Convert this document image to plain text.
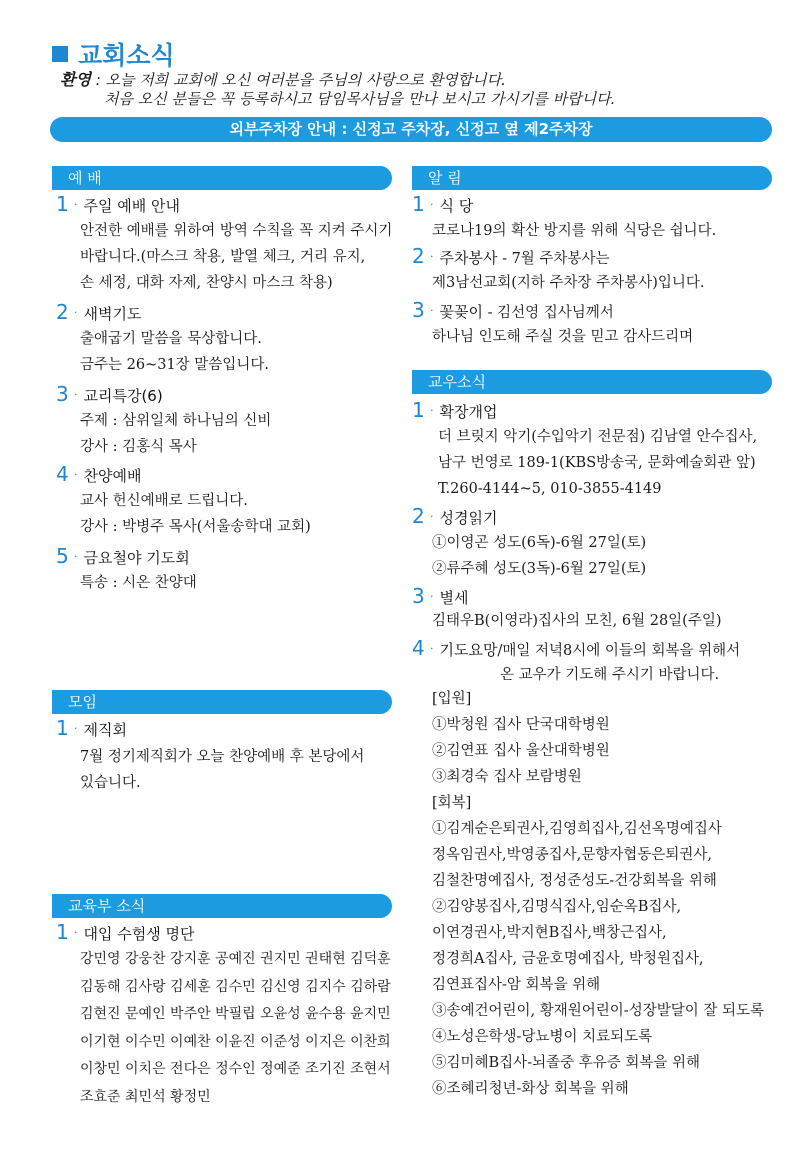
교회소식
환영 : 오늘 저희 교회에 오신 여러분을 주님의 사랑으로 환영합니다.
처음 오신 분들은 꼭 등록하시고 담임목사님을 만나 보시고 가시기를 바랍니다.
외부주차장 안내 : 신정고 주차장, 신정고 옆 제2주차장
예 배
1 · 주일 예배 안내
안전한 예배를 위하여 방역 수칙을 꼭 지켜 주시기
바랍니다.(마스크 착용, 발열 체크, 거리 유지,
손 세정, 대화 자제, 찬양시 마스크 착용)
2 · 새벽기도
출애굽기 말씀을 묵상합니다.
금주는 26~31장 말씀입니다.
3 · 교리특강(6)
주제 : 삼위일체 하나님의 신비
강사 : 김홍식 목사
4 · 찬양예배
교사 헌신예배로 드립니다.
강사 : 박병주 목사(서울송학대 교회)
5 · 금요철야 기도회
특송 : 시온 찬양대
모임
1 · 제직회
7월 정기제직회가 오늘 찬양예배 후 본당에서
있습니다.
교육부 소식
1 · 대입 수험생 명단
강민영 강웅찬 강지훈 공예진 권지민 권태현 김덕훈
김동해 김사랑 김세훈 김수민 김신영 김지수 김하람
김현진 문예인 박주안 박필립 오윤성 윤수용 윤지민
이기현 이수민 이예찬 이윤진 이준성 이지은 이찬희
이창민 이치은 전다은 정수인 정예준 조기진 조현서
조효준 최민석 황정민
알 림
1 · 식 당
코로나19의 확산 방지를 위해 식당은 쉽니다.
2 · 주차봉사 - 7월 주차봉사는
제3남선교회(지하 주차장 주차봉사)입니다.
3 · 꽃꽂이 - 김선영 집사님께서
하나님 인도해 주실 것을 믿고 감사드리며
교우소식
1 · 확장개업
더 브릿지 악기(수입악기 전문점) 김남열 안수집사,
남구 번영로 189-1(KBS방송국, 문화예술회관 앞)
T.260-4144~5, 010-3855-4149
2 · 성경읽기
①이영곤 성도(6독)-6월 27일(토)
②류주혜 성도(3독)-6월 27일(토)
3 · 별세
김태우B(이영라)집사의 모친, 6월 28일(주일)
4 · 기도요망/매일 저녁8시에 이들의 회복을 위해서
온 교우가 기도해 주시기 바랍니다.
[입원]
①박청원 집사 단국대학병원
②김연표 집사 울산대학병원
③최경숙 집사 보람병원
[회복]
①김계순은퇴권사,김영희집사,김선옥명예집사
정옥임권사,박영종집사,문향자협동은퇴권사,
김철찬명예집사, 정성준성도-건강회복을 위해
②김양봉집사,김명식집사,임순옥B집사,
이연경권사,박지현B집사,백창근집사,
정경희A집사, 금윤호명예집사, 박청원집사,
김연표집사-암 회복을 위해
③송예건어린이, 황재원어린이-성장발달이 잘 되도록
④노성은학생-당뇨병이 치료되도록
⑤김미혜B집사-뇌졸중 후유증 회복을 위해
⑥조혜리청년-화상 회복을 위해
